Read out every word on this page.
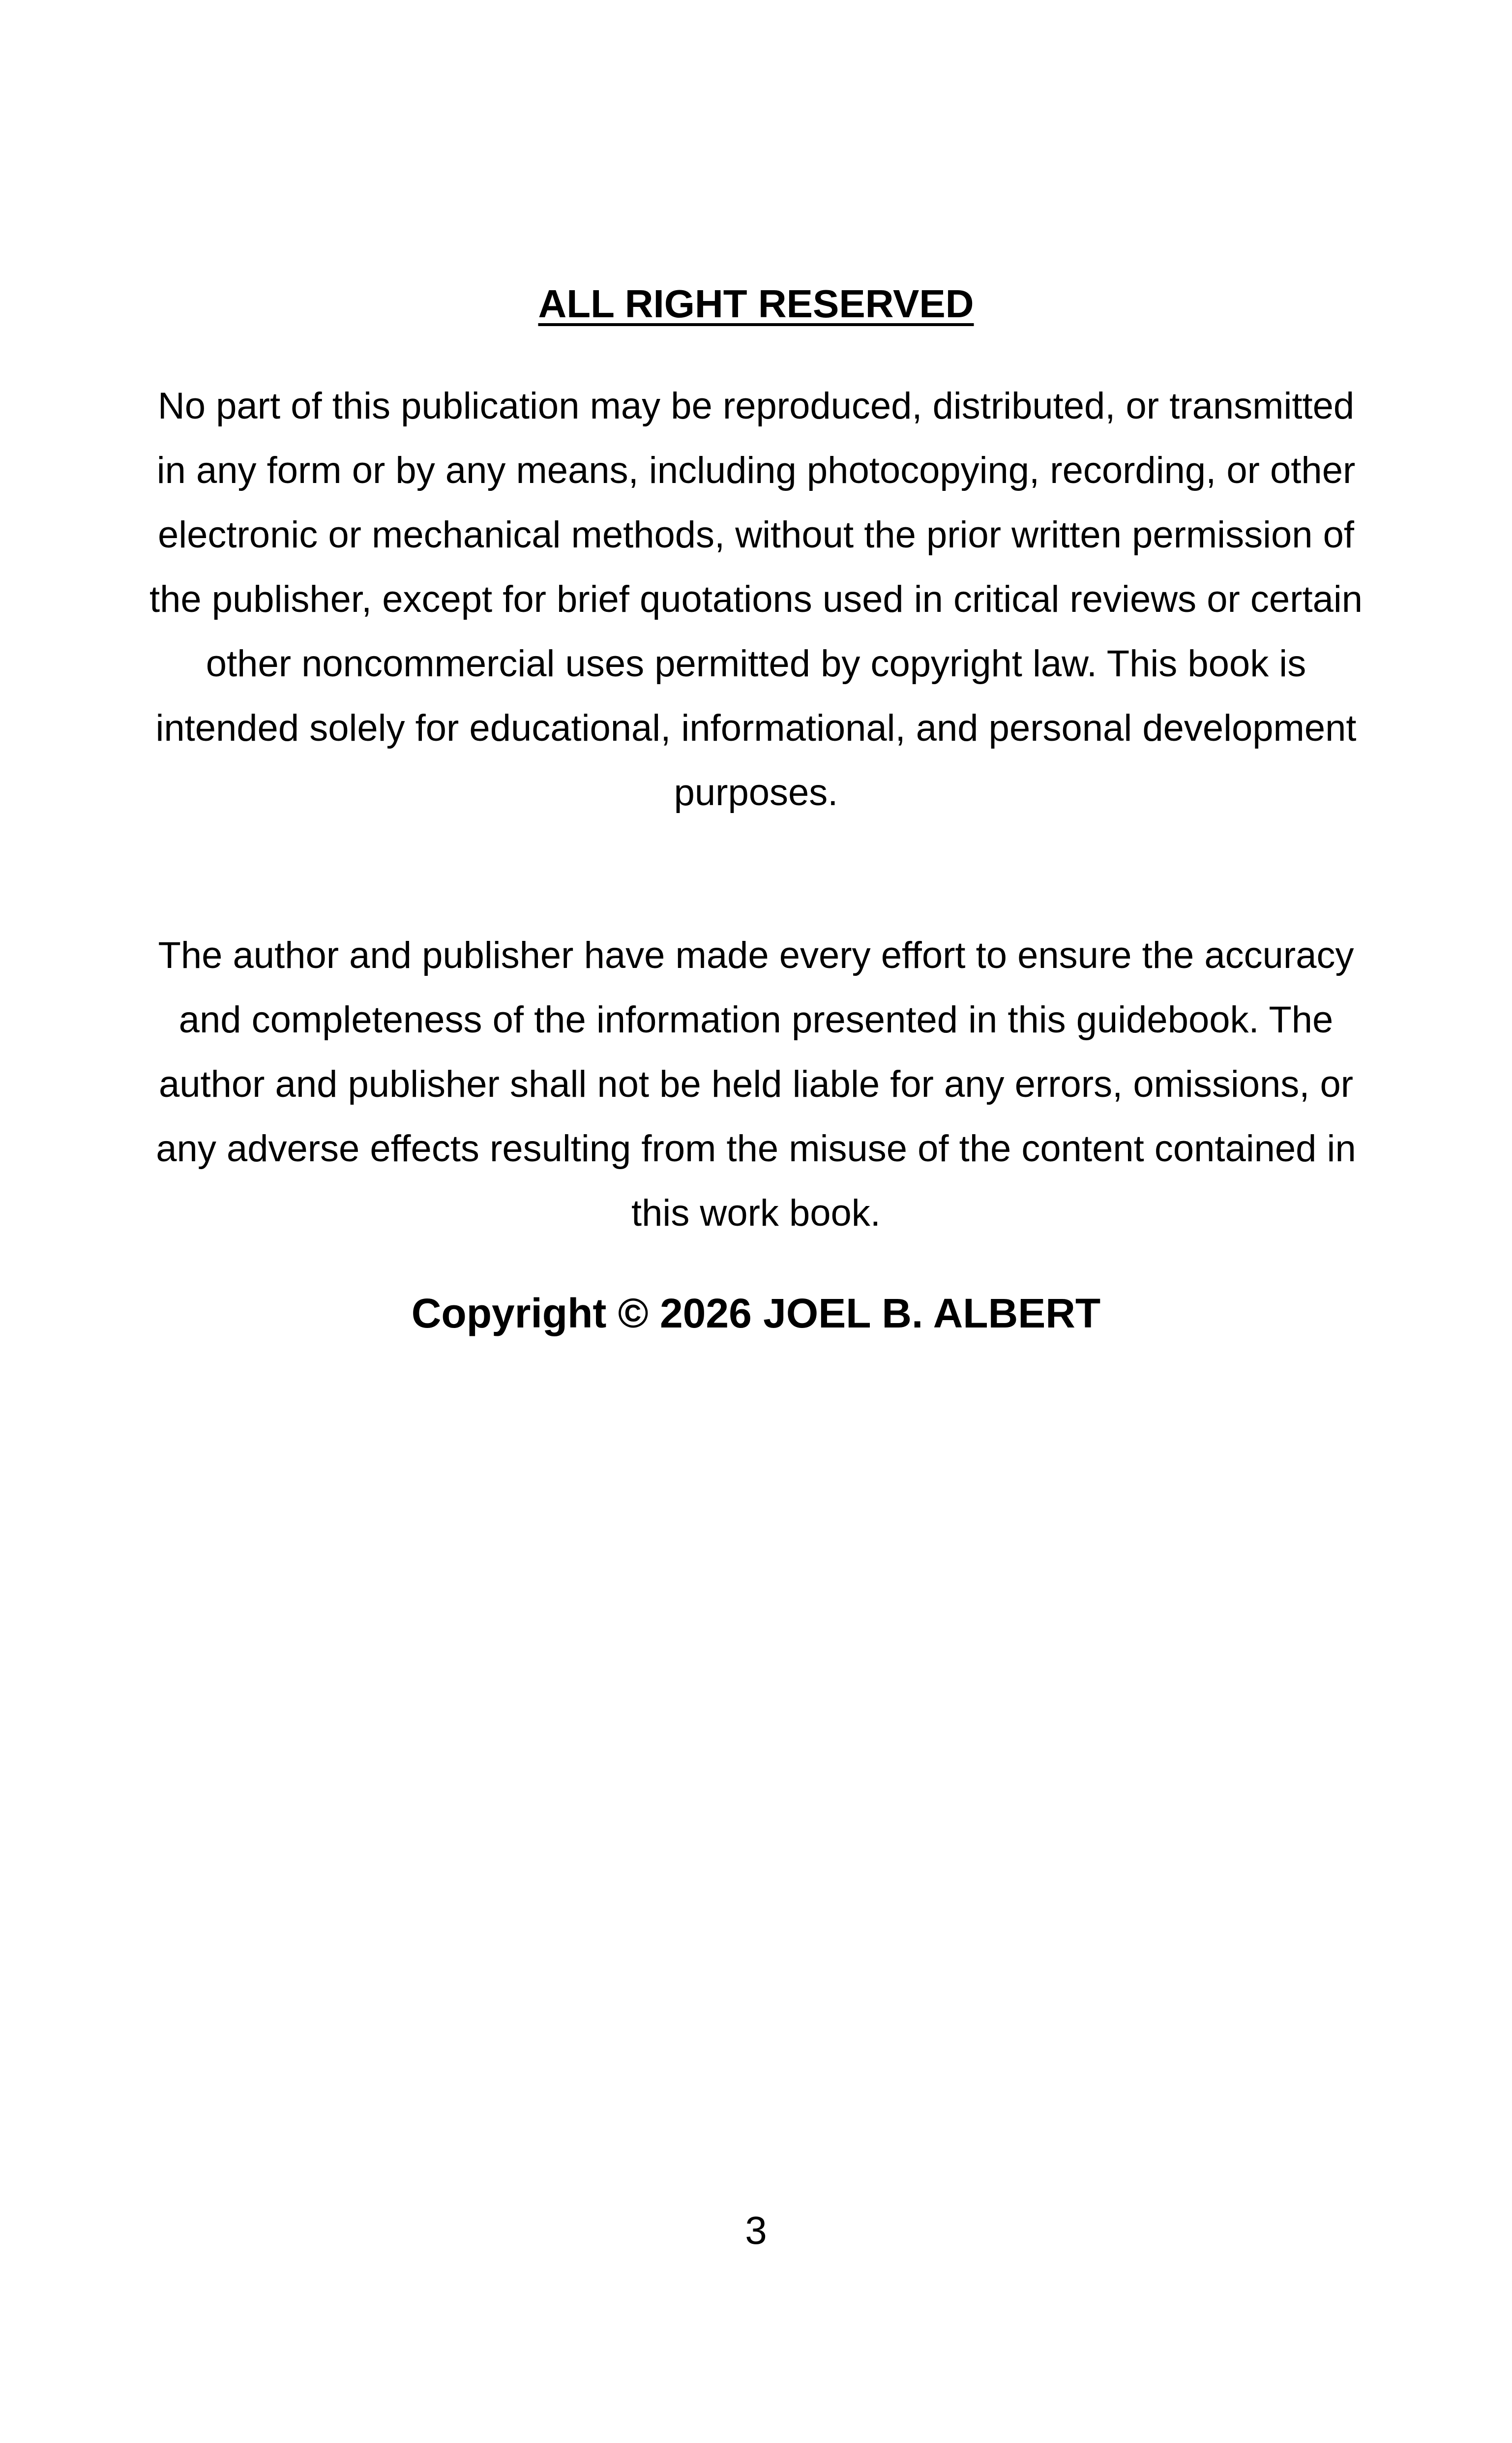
ALL RIGHT RESERVED

No part of this publication may be reproduced, distributed, or transmitted in any form or by any means, including photocopying, recording, or other electronic or mechanical methods, without the prior written permission of the publisher, except for brief quotations used in critical reviews or certain other noncommercial uses permitted by copyright law. This book is intended solely for educational, informational, and personal development purposes.

The author and publisher have made every effort to ensure the accuracy and completeness of the information presented in this guidebook. The author and publisher shall not be held liable for any errors, omissions, or any adverse effects resulting from the misuse of the content contained in this work book.

Copyright © 2026 JOEL B. ALBERT

3
